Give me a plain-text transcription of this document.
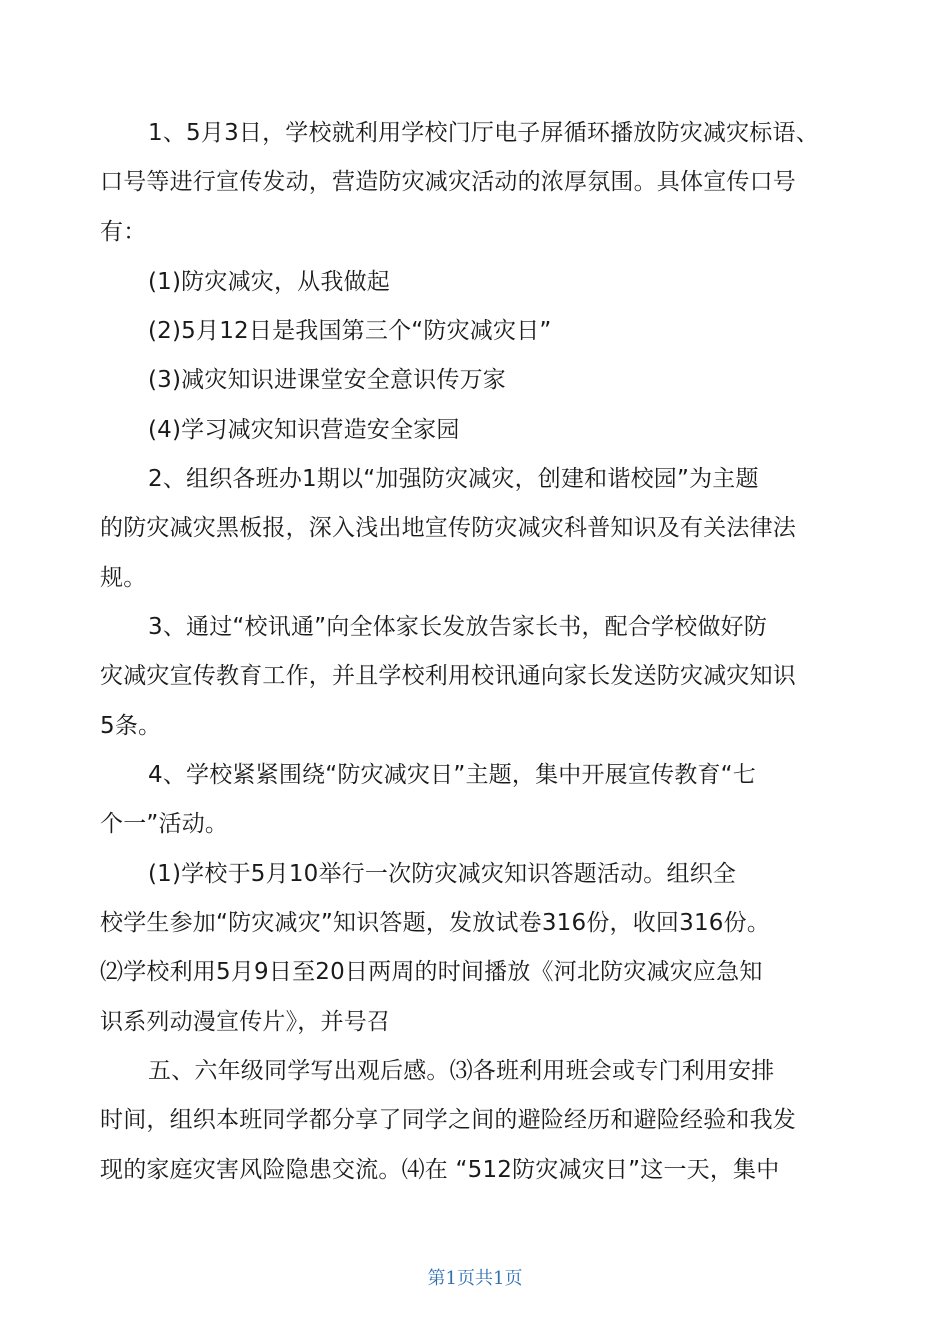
1、5月3日，学校就利用学校门厅电子屏循环播放防灾减灾标语、
口号等进行宣传发动，营造防灾减灾活动的浓厚氛围。具体宣传口号
有：
(1)防灾减灾，从我做起
(2)5月12日是我国第三个“防灾减灾日”
(3)减灾知识进课堂安全意识传万家
(4)学习减灾知识营造安全家园
2、组织各班办1期以“加强防灾减灾，创建和谐校园”为主题
的防灾减灾黑板报，深入浅出地宣传防灾减灾科普知识及有关法律法
规。
3、通过“校讯通”向全体家长发放告家长书，配合学校做好防
灾减灾宣传教育工作，并且学校利用校讯通向家长发送防灾减灾知识
5条。
4、学校紧紧围绕“防灾减灾日”主题，集中开展宣传教育“七
个一”活动。
(1)学校于5月10举行一次防灾减灾知识答题活动。组织全
校学生参加“防灾减灾”知识答题，发放试卷316份，收回316份。
⑵学校利用5月9日至20日两周的时间播放《河北防灾减灾应急知
识系列动漫宣传片》，并号召
五、六年级同学写出观后感。⑶各班利用班会或专门利用安排
时间，组织本班同学都分享了同学之间的避险经历和避险经验和我发
现的家庭灾害风险隐患交流。⑷在 “512防灾减灾日”这一天，集中
第1页共1页
